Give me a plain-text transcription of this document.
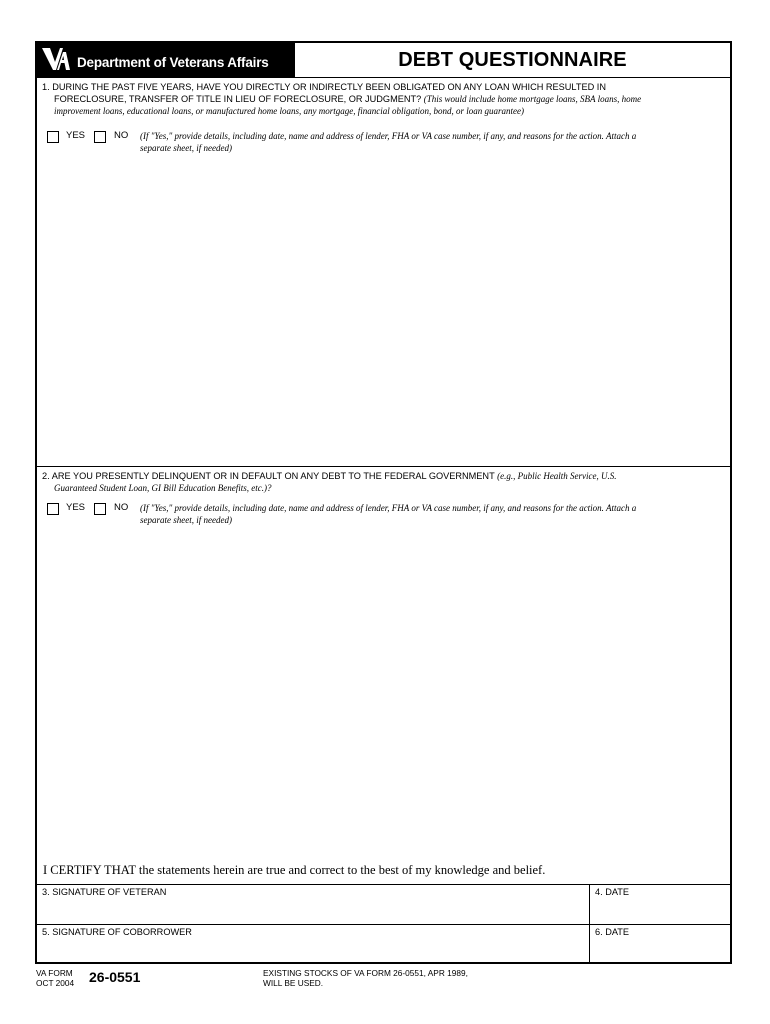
Department of Veterans Affairs	DEBT QUESTIONNAIRE
1. DURING THE PAST FIVE YEARS, HAVE YOU DIRECTLY OR INDIRECTLY BEEN OBLIGATED ON ANY LOAN WHICH RESULTED IN
FORECLOSURE, TRANSFER OF TITLE IN LIEU OF FORECLOSURE, OR JUDGMENT? (This would include home mortgage loans, SBA loans, home
improvement loans, educational loans, or manufactured home loans, any mortgage, financial obligation, bond, or loan guarantee)
YES	NO (If "Yes," provide details, including date, name and address of lender, FHA or VA case number, if any, and reasons for the action. Attach a
separate sheet, if needed)
2. ARE YOU PRESENTLY DELINQUENT OR IN DEFAULT ON ANY DEBT TO THE FEDERAL GOVERNMENT (e.g., Public Health Service, U.S.
Guaranteed Student Loan, GI Bill Education Benefits, etc.)?
YES	NO (If "Yes," provide details, including date, name and address of lender, FHA or VA case number, if any, and reasons for the action. Attach a
separate sheet, if needed)
I CERTIFY THAT the statements herein are true and correct to the best of my knowledge and belief.
3. SIGNATURE OF VETERAN	4. DATE
5. SIGNATURE OF COBORROWER	6. DATE
VA FORM
OCT 2004 26-0551	EXISTING STOCKS OF VA FORM 26-0551, APR 1989,
WILL BE USED.
